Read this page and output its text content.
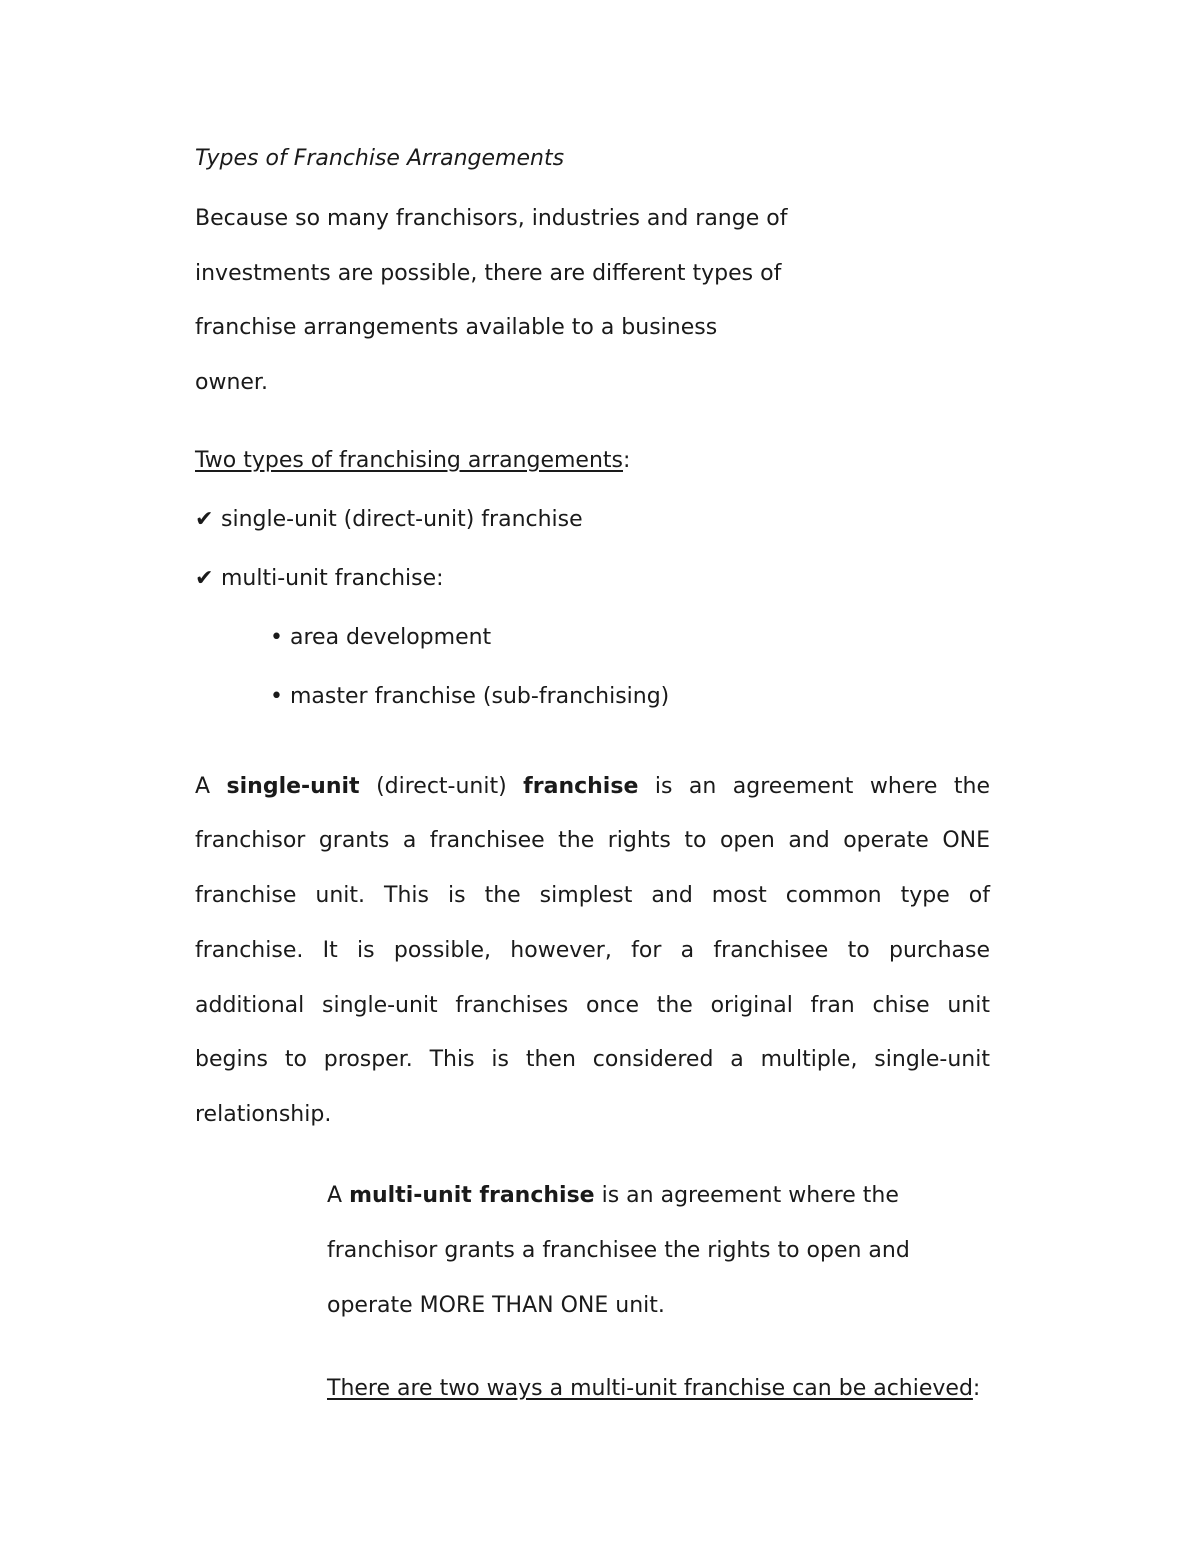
Types of Franchise Arrangements
Because so many franchisors, industries and range of
investments are possible, there are different types of
franchise arrangements available to a business
owner.
Two types of franchising arrangements:
✔ single-unit (direct-unit) franchise
✔ multi-unit franchise:
• area development
• master franchise (sub-franchising)
A single-unit (direct-unit) franchise is an agreement where the
franchisor grants a franchisee the rights to open and operate ONE
franchise unit. This is the simplest and most common type of
franchise. It is possible, however, for a franchisee to purchase
additional single-unit franchises once the original fran chise unit
begins to prosper. This is then considered a multiple, single-unit
relationship.
A multi-unit franchise is an agreement where the
franchisor grants a franchisee the rights to open and
operate MORE THAN ONE unit.
There are two ways a multi-unit franchise can be achieved:
